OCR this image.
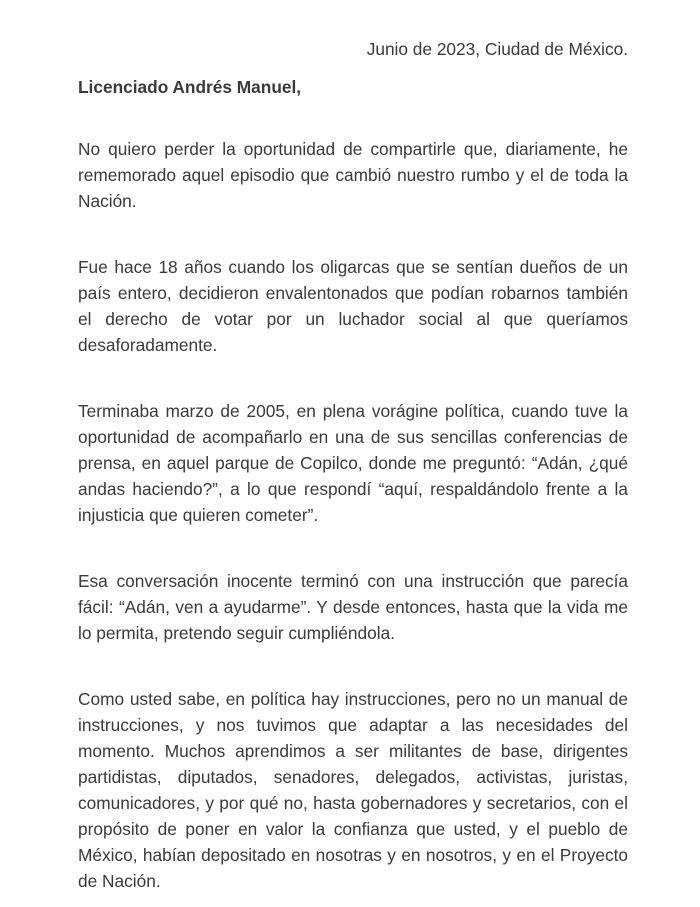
Junio de 2023, Ciudad de México.
Licenciado Andrés Manuel,

No quiero perder la oportunidad de compartirle que, diariamente, he rememorado aquel episodio que cambió nuestro rumbo y el de toda la Nación.

Fue hace 18 años cuando los oligarcas que se sentían dueños de un país entero, decidieron envalentonados que podían robarnos también el derecho de votar por un luchador social al que queríamos desaforadamente.

Terminaba marzo de 2005, en plena vorágine política, cuando tuve la oportunidad de acompañarlo en una de sus sencillas conferencias de prensa, en aquel parque de Copilco, donde me preguntó: “Adán, ¿qué andas haciendo?”, a lo que respondí “aquí, respaldándolo frente a la injusticia que quieren cometer”.

Esa conversación inocente terminó con una instrucción que parecía fácil: “Adán, ven a ayudarme”. Y desde entonces, hasta que la vida me lo permita, pretendo seguir cumpliéndola.

Como usted sabe, en política hay instrucciones, pero no un manual de instrucciones, y nos tuvimos que adaptar a las necesidades del momento. Muchos aprendimos a ser militantes de base, dirigentes partidistas, diputados, senadores, delegados, activistas, juristas, comunicadores, y por qué no, hasta gobernadores y secretarios, con el propósito de poner en valor la confianza que usted, y el pueblo de México, habían depositado en nosotras y en nosotros, y en el Proyecto de Nación.
